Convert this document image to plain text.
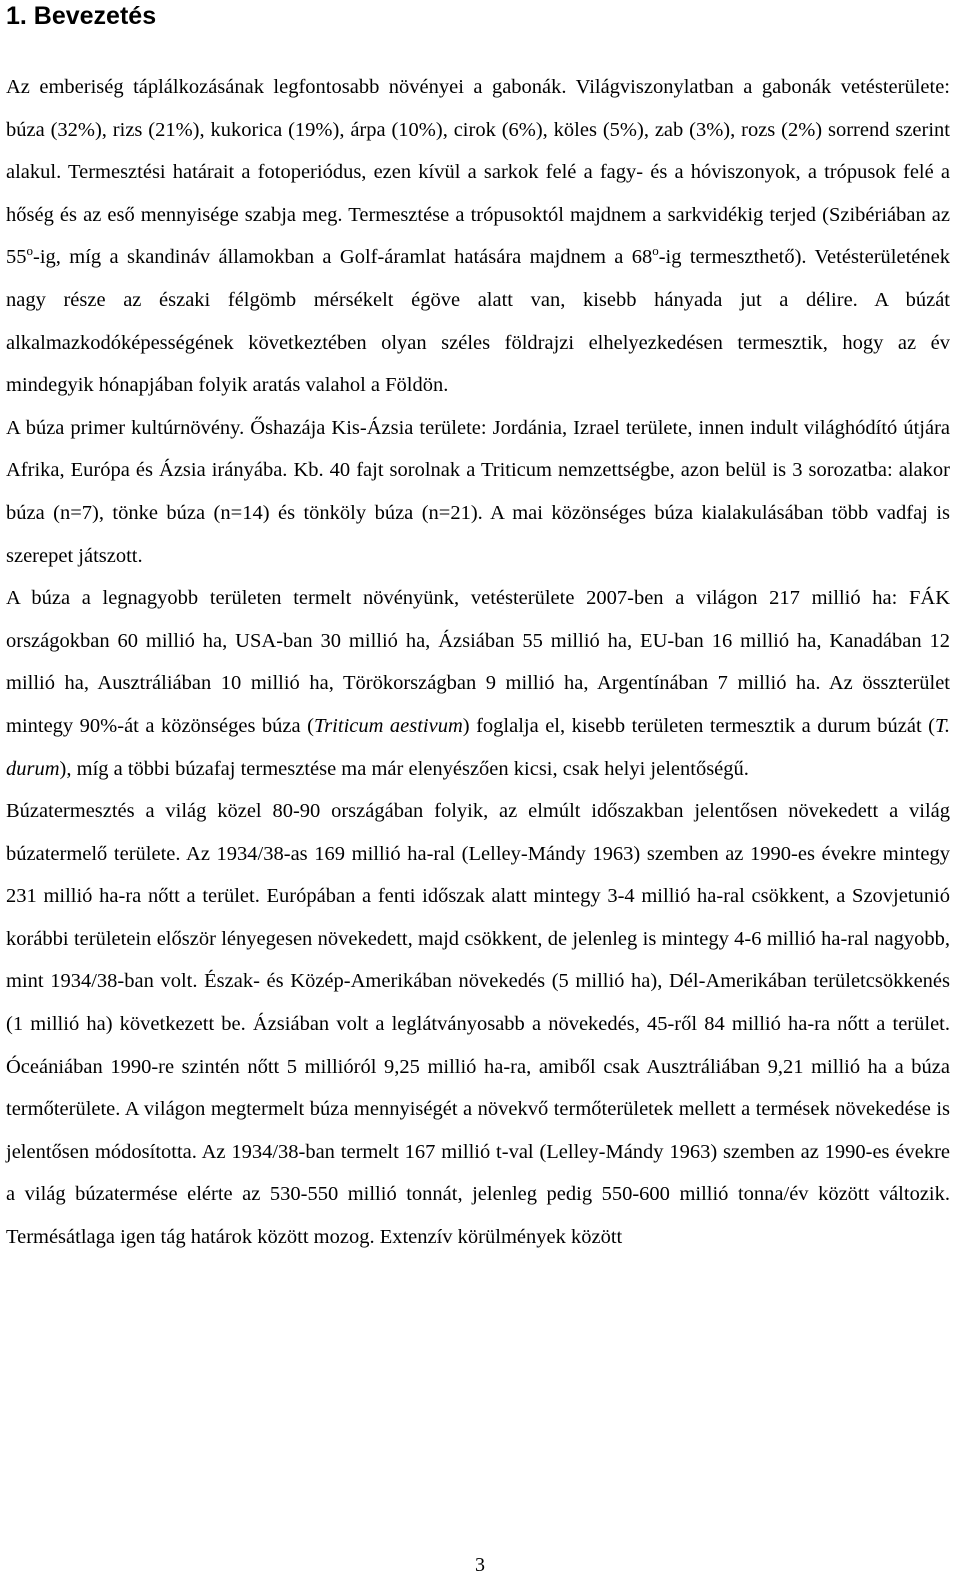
1. Bevezetés

Az emberiség táplálkozásának legfontosabb növényei a gabonák. Világviszonylatban a gabonák vetésterülete: búza (32%), rizs (21%), kukorica (19%), árpa (10%), cirok (6%), köles (5%), zab (3%), rozs (2%) sorrend szerint alakul. Termesztési határait a fotoperiódus, ezen kívül a sarkok felé a fagy- és a hóviszonyok, a trópusok felé a hőség és az eső mennyisége szabja meg. Termesztése a trópusoktól majdnem a sarkvidékig terjed (Szibériában az 55$^o$-ig, míg a skandináv államokban a Golf-áramlat hatására majdnem a 68$^o$-ig termeszthető). Vetésterületének nagy része az északi félgömb mérsékelt égöve alatt van, kisebb hányada jut a délire. A búzát alkalmazkodóképességének következtében olyan széles földrajzi elhelyezkedésen termesztik, hogy az év mindegyik hónapjában folyik aratás valahol a Földön.

A búza primer kultúrnövény. Őshazája Kis-Ázsia területe: Jordánia, Izrael területe, innen indult világhódító útjára Afrika, Európa és Ázsia irányába. Kb. 40 fajt sorolnak a Triticum nemzettségbe, azon belül is 3 sorozatba: alakor búza (n=7), tönke búza (n=14) és tönköly búza (n=21). A mai közönséges búza kialakulásában több vadfaj is szerepet játszott.

A búza a legnagyobb területen termelt növényünk, vetésterülete 2007-ben a világon 217 millió ha: FÁK országokban 60 millió ha, USA-ban 30 millió ha, Ázsiában 55 millió ha, EU-ban 16 millió ha, Kanadában 12 millió ha, Ausztráliában 10 millió ha, Törökországban 9 millió ha, Argentínában 7 millió ha. Az összterület mintegy 90%-át a közönséges búza (Triticum aestivum) foglalja el, kisebb területen termesztik a durum búzát (T. durum), míg a többi búzafaj termesztése ma már elenyészően kicsi, csak helyi jelentőségű.

Búzatermesztés a világ közel 80-90 országában folyik, az elmúlt időszakban jelentősen növekedett a világ búzatermelő területe. Az 1934/38-as 169 millió ha-ral (Lelley-Mándy 1963) szemben az 1990-es évekre mintegy 231 millió ha-ra nőtt a terület. Európában a fenti időszak alatt mintegy 3-4 millió ha-ral csökkent, a Szovjetunió korábbi területein először lényegesen növekedett, majd csökkent, de jelenleg is mintegy 4-6 millió ha-ral nagyobb, mint 1934/38-ban volt. Észak- és Közép-Amerikában növekedés (5 millió ha), Dél-Amerikában területcsökkenés (1 millió ha) következett be. Ázsiában volt a leglátványosabb a növekedés, 45-ről 84 millió ha-ra nőtt a terület. Óceániában 1990-re szintén nőtt 5 millióról 9,25 millió ha-ra, amiből csak Ausztráliában 9,21 millió ha a búza termőterülete. A világon megtermelt búza mennyiségét a növekvő termőterületek mellett a termések növekedése is jelentősen módosította. Az 1934/38-ban termelt 167 millió t-val (Lelley-Mándy 1963) szemben az 1990-es évekre a világ búzatermése elérte az 530-550 millió tonnát, jelenleg pedig 550-600 millió tonna/év között változik. Termésátlaga igen tág határok között mozog. Extenzív körülmények között

3
